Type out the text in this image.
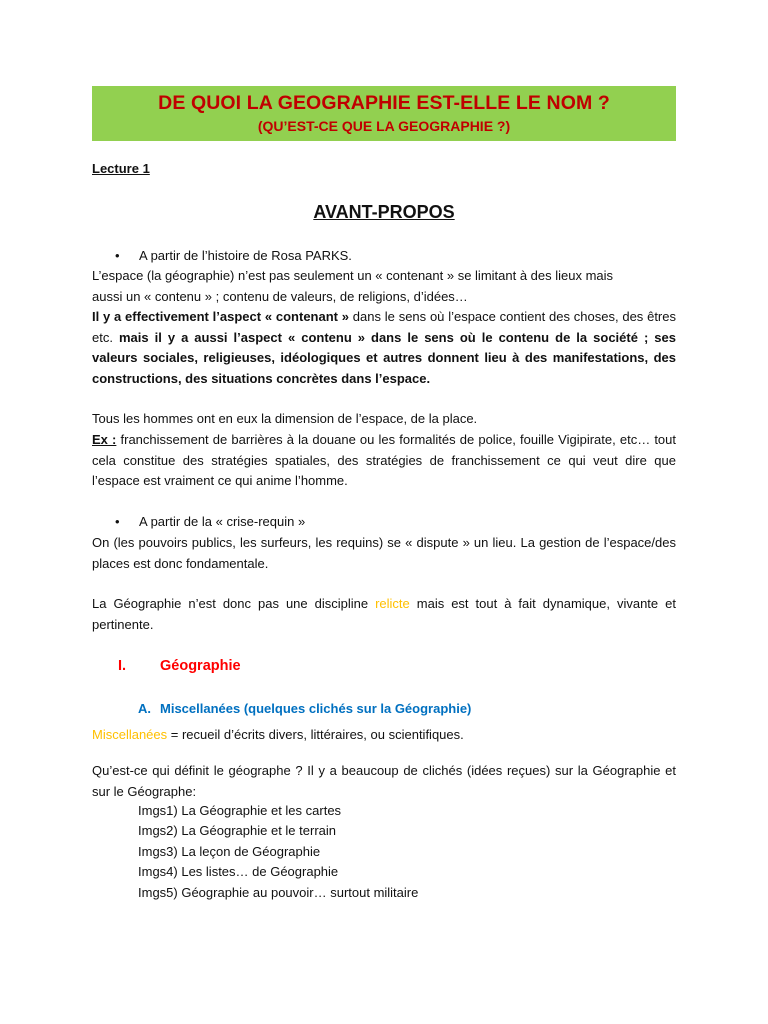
DE QUOI LA GEOGRAPHIE EST-ELLE LE NOM ?
(QU’EST-CE QUE LA GEOGRAPHIE ?)
Lecture 1
AVANT-PROPOS
• A partir de l’histoire de Rosa PARKS.
L’espace (la géographie) n’est pas seulement un « contenant » se limitant à des lieux mais
aussi un « contenu » ; contenu de valeurs, de religions, d’idées…
Il y a effectivement l’aspect « contenant » dans le sens où l’espace contient des choses, des êtres etc. mais il y a aussi l’aspect « contenu » dans le sens où le contenu de la société ; ses valeurs sociales, religieuses, idéologiques et autres donnent lieu à des manifestations, des constructions, des situations concrètes dans l’espace.
Tous les hommes ont en eux la dimension de l’espace, de la place.
Ex : franchissement de barrières à la douane ou les formalités de police, fouille Vigipirate, etc… tout cela constitue des stratégies spatiales, des stratégies de franchissement ce qui veut dire que l’espace est vraiment ce qui anime l’homme.
• A partir de la « crise-requin »
On (les pouvoirs publics, les surfeurs, les requins) se « dispute » un lieu. La gestion de l’espace/des places est donc fondamentale.
La Géographie n’est donc pas une discipline relicte mais est tout à fait dynamique, vivante et pertinente.
I. Géographie
A. Miscellanées (quelques clichés sur la Géographie)
Miscellanées = recueil d’écrits divers, littéraires, ou scientifiques.
Qu’est-ce qui définit le géographe ? Il y a beaucoup de clichés (idées reçues) sur la Géographie et sur le Géographe:
Imgs1) La Géographie et les cartes
Imgs2) La Géographie et le terrain
Imgs3) La leçon de Géographie
Imgs4) Les listes… de Géographie
Imgs5) Géographie au pouvoir… surtout militaire
